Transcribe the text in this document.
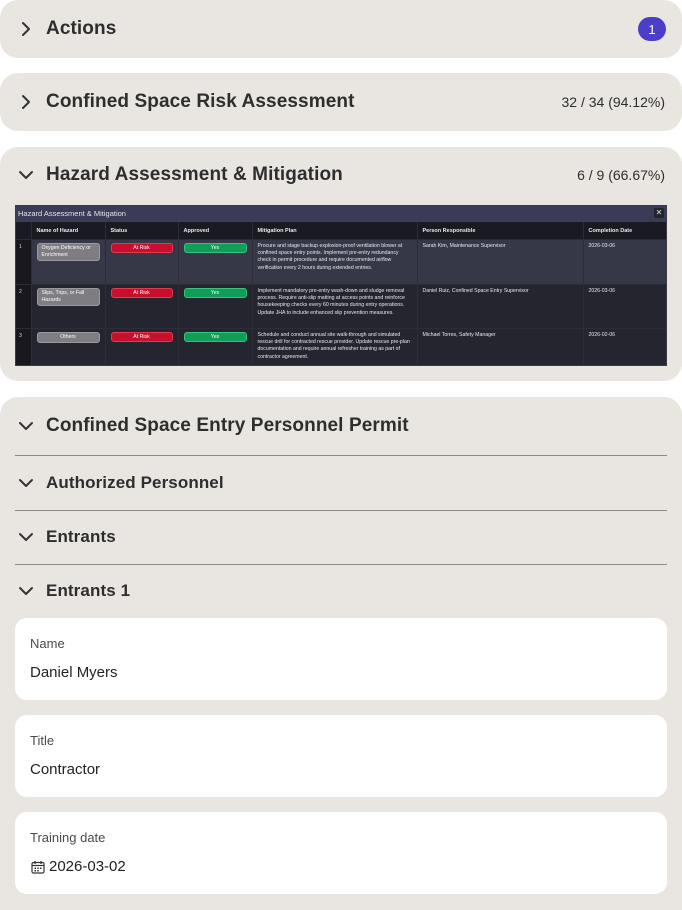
Actions	1
Confined Space Risk Assessment	32 / 34 (94.12%)
Hazard Assessment & Mitigation	6 / 9 (66.67%)
Hazard Assessment & Mitigation	✕
	Name of Hazard	Status	Approved	Mitigation Plan	Person Responsible	Completion Date
1	Oxygen Deficiency or Enrichment	At Risk	Yes	Procure and stage backup explosion-proof ventilation blower at confined space entry points. Implement pre-entry redundancy check in permit procedure and require documented airflow verification every 2 hours during extended entries.	Sarah Kim, Maintenance Supervisor	2026-03-06
2	Slips, Trips, or Fall Hazards	At Risk	Yes	Implement mandatory pre-entry wash-down and sludge removal process. Require anti-slip matting at access points and reinforce housekeeping checks every 60 minutes during entry operations. Update JHA to include enhanced slip prevention measures.	Daniel Ruiz, Confined Space Entry Supervisor	2026-03-06
3	Others	At Risk	Yes	Schedule and conduct annual site walk-through and simulated rescue drill for contracted rescue provider. Update rescue pre-plan documentation and require annual refresher training as part of contractor agreement.	Michael Torres, Safety Manager	2026-02-06
Confined Space Entry Personnel Permit
Authorized Personnel
Entrants
Entrants 1
Name
Daniel Myers
Title
Contractor
Training date
2026-03-02
